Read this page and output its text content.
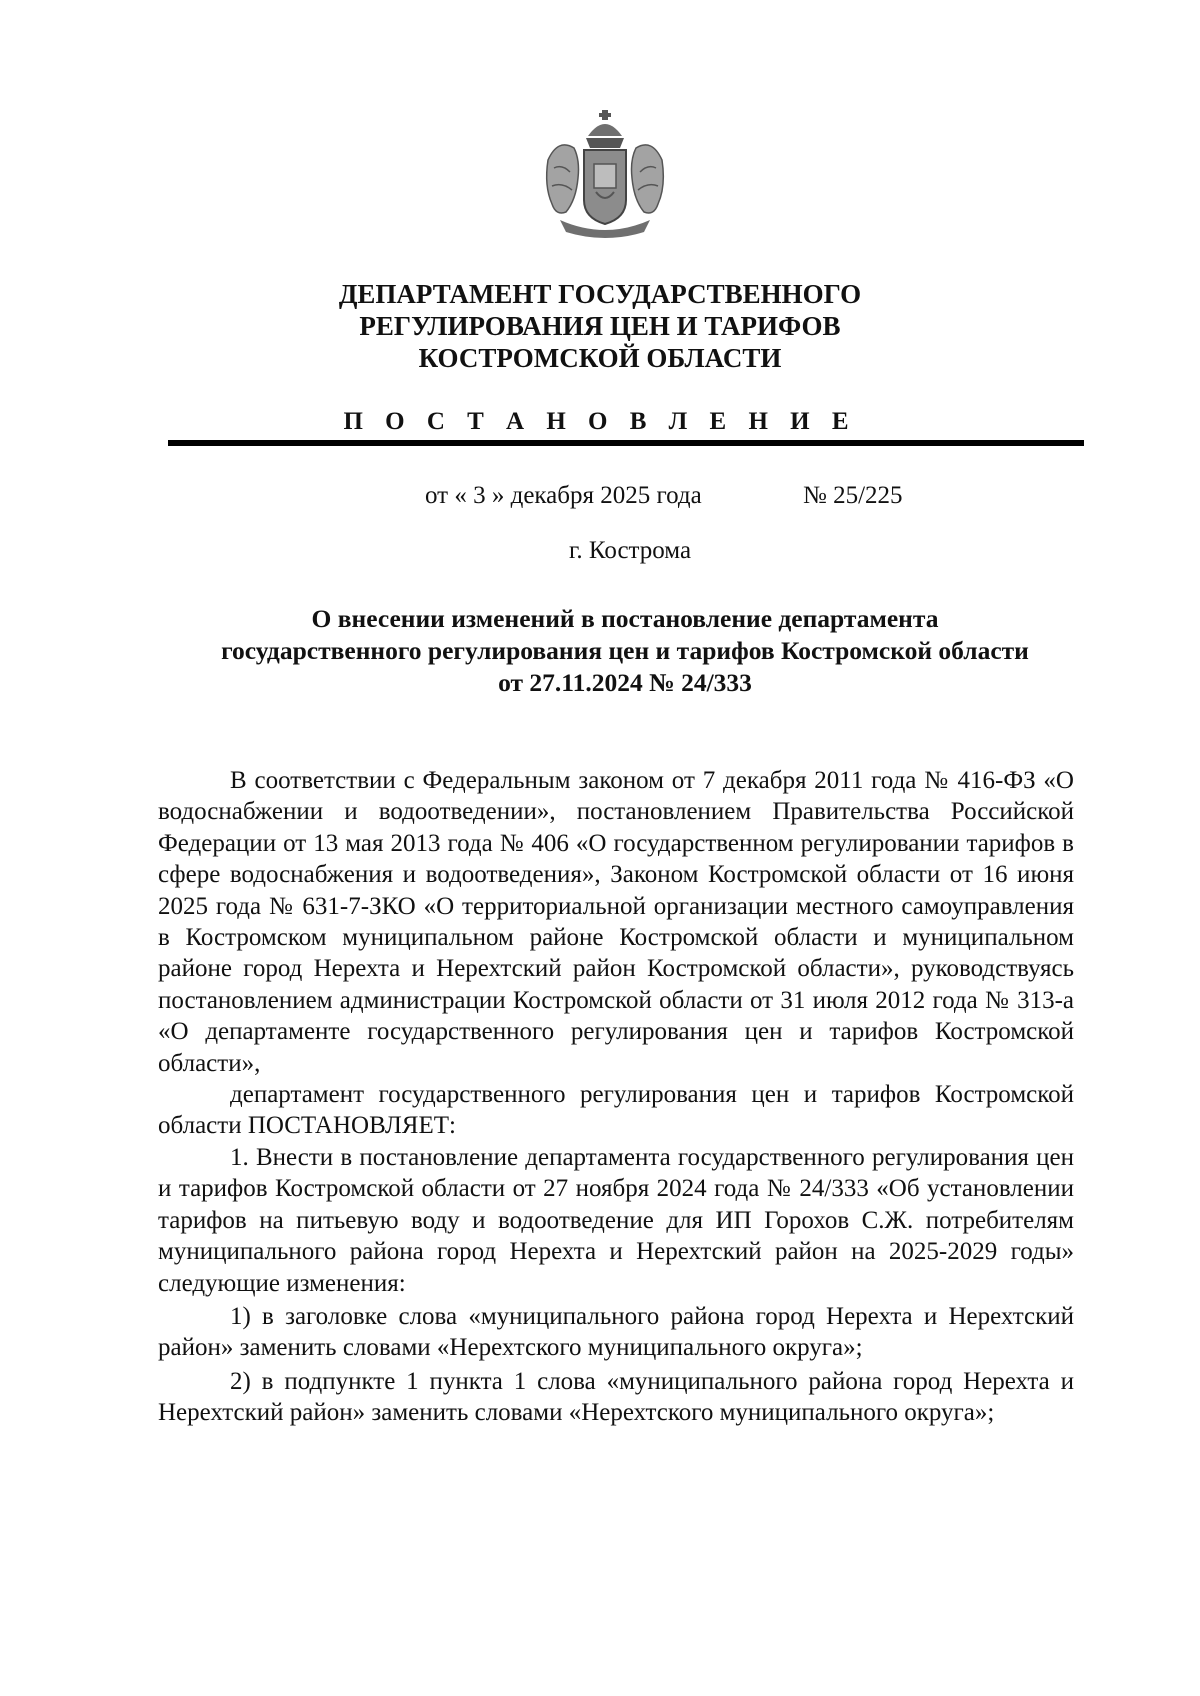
ДЕПАРТАМЕНТ ГОСУДАРСТВЕННОГО
РЕГУЛИРОВАНИЯ ЦЕН И ТАРИФОВ
КОСТРОМСКОЙ ОБЛАСТИ
П О С Т А Н О В Л Е Н И Е
от « 3 » декабря 2025 года	№ 25/225
г. Кострома
О внесении изменений в постановление департамента
государственного регулирования цен и тарифов Костромской области
от 27.11.2024 № 24/333

В соответствии с Федеральным законом от 7 декабря 2011 года № 416-ФЗ «О водоснабжении и водоотведении», постановлением Правительства Российской Федерации от 13 мая 2013 года № 406 «О государственном регулировании тарифов в сфере водоснабжения и водоотведения», Законом Костромской области от 16 июня 2025 года № 631-7-ЗКО «О территориальной организации местного самоуправления в Костромском муниципальном районе Костромской области и муниципальном районе город Нерехта и Нерехтский район Костромской области», руководствуясь постановлением администрации Костромской области от 31 июля 2012 года № 313-а «О департаменте государственного регулирования цен и тарифов Костромской области»,

департамент государственного регулирования цен и тарифов Костромской области ПОСТАНОВЛЯЕТ:

1. Внести в постановление департамента государственного регулирования цен и тарифов Костромской области от 27 ноября 2024 года № 24/333 «Об установлении тарифов на питьевую воду и водоотведение для ИП Горохов С.Ж. потребителям муниципального района город Нерехта и Нерехтский район на 2025-2029 годы» следующие изменения:

1) в заголовке слова «муниципального района город Нерехта и Нерехтский район» заменить словами «Нерехтского муниципального округа»;

2) в подпункте 1 пункта 1 слова «муниципального района город Нерехта и Нерехтский район» заменить словами «Нерехтского муниципального округа»;
